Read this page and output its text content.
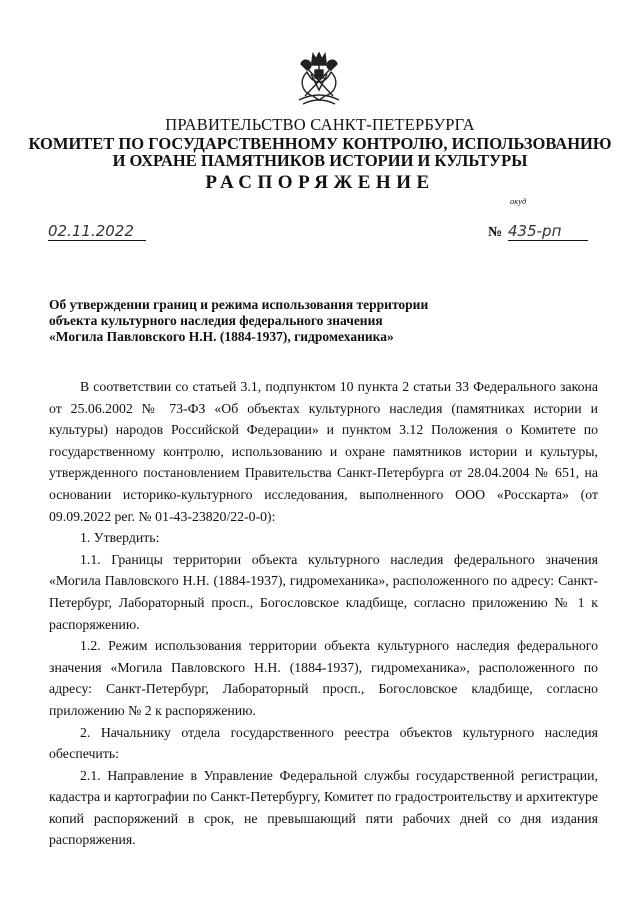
ПРАВИТЕЛЬСТВО САНКТ-ПЕТЕРБУРГА
КОМИТЕТ ПО ГОСУДАРСТВЕННОМУ КОНТРОЛЮ, ИСПОЛЬЗОВАНИЮ
И ОХРАНЕ ПАМЯТНИКОВ ИСТОРИИ И КУЛЬТУРЫ
РАСПОРЯЖЕНИЕ
окуд
02.11.2022	№ 435-рп
Об утверждении границ и режима использования территории
объекта культурного наследия федерального значения
«Могила Павловского Н.Н. (1884-1937), гидромеханика»

В соответствии со статьей 3.1, подпунктом 10 пункта 2 статьи 33 Федерального закона от 25.06.2002 № 73-ФЗ «Об объектах культурного наследия (памятниках истории и культуры) народов Российской Федерации» и пунктом 3.12 Положения о Комитете по государственному контролю, использованию и охране памятников истории и культуры, утвержденного постановлением Правительства Санкт-Петербурга от 28.04.2004 № 651, на основании историко-культурного исследования, выполненного ООО «Росскарта» (от 09.09.2022 рег. № 01-43-23820/22-0-0):

1. Утвердить:

1.1. Границы территории объекта культурного наследия федерального значения «Могила Павловского Н.Н. (1884-1937), гидромеханика», расположенного по адресу: Санкт-Петербург, Лабораторный просп., Богословское кладбище, согласно приложению № 1 к распоряжению.

1.2. Режим использования территории объекта культурного наследия федерального значения «Могила Павловского Н.Н. (1884-1937), гидромеханика», расположенного по адресу: Санкт-Петербург, Лабораторный просп., Богословское кладбище, согласно приложению № 2 к распоряжению.

2. Начальнику отдела государственного реестра объектов культурного наследия обеспечить:

2.1. Направление в Управление Федеральной службы государственной регистрации, кадастра и картографии по Санкт-Петербургу, Комитет по градостроительству и архитектуре копий распоряжений в срок, не превышающий пяти рабочих дней со дня издания распоряжения.
